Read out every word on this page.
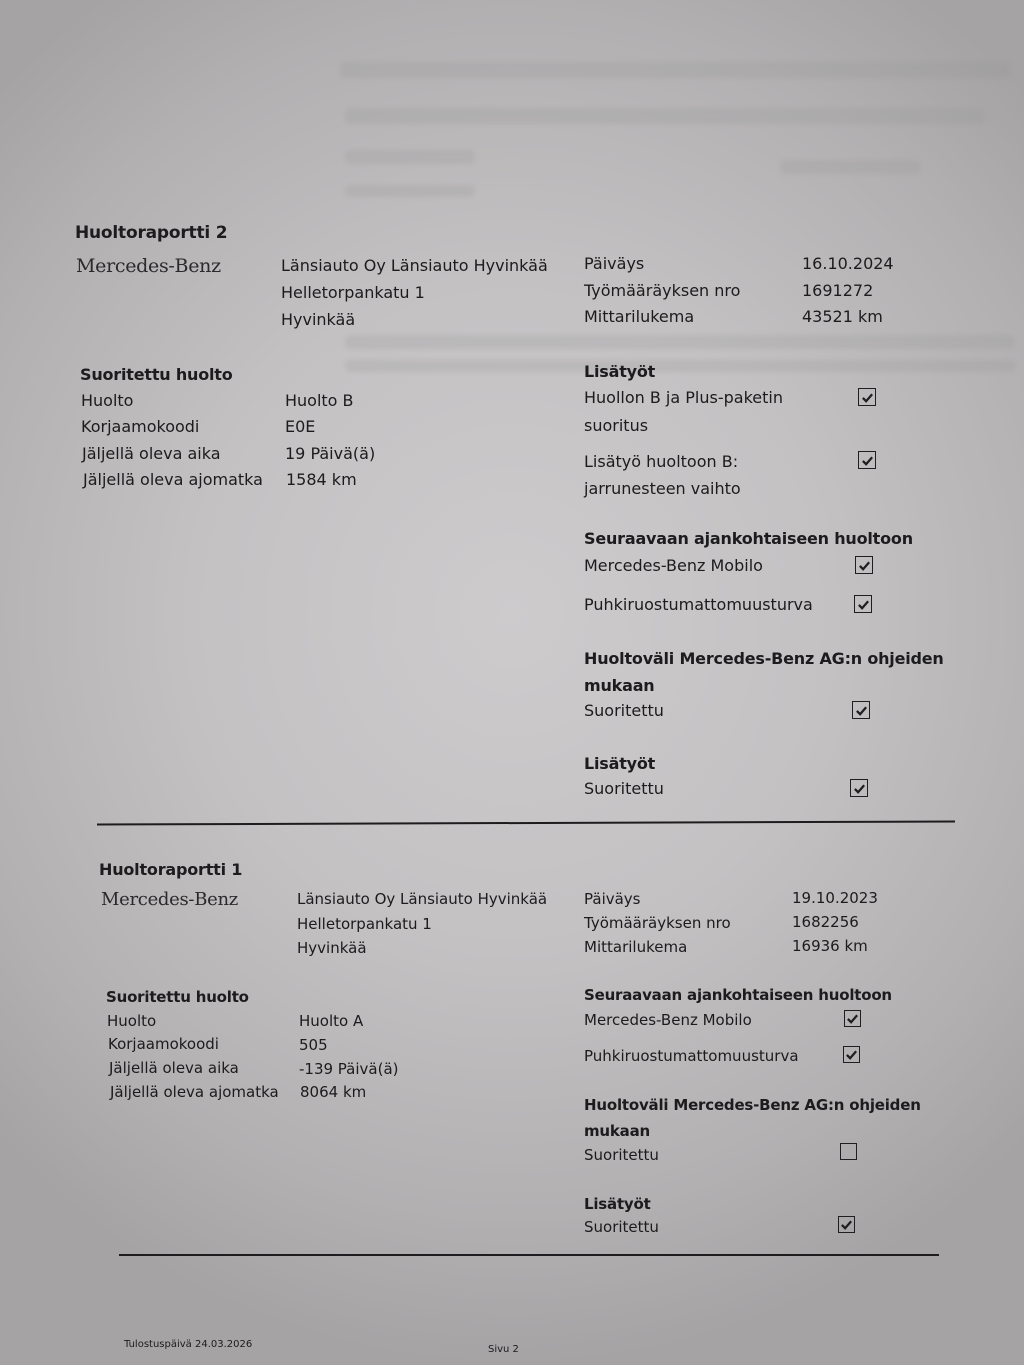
Huoltoraportti 2
Mercedes-Benz	Länsiauto Oy Länsiauto Hyvinkää
Helletorpankatu 1
Hyvinkää
Päiväys	16.10.2024
Työmääräyksen nro	1691272
Mittarilukema	43521 km
Suoritettu huolto
Huolto	Huolto B
Korjaamokoodi	E0E
Jäljellä oleva aika	19 Päivä(ä)
Jäljellä oleva ajomatka 1584 km
Lisätyöt
Huollon B ja Plus-paketin
suoritus
Lisätyö huoltoon B:
jarrunesteen vaihto
Seuraavaan ajankohtaiseen huoltoon
Mercedes-Benz Mobilo
Puhkiruostumattomuusturva
Huoltoväli Mercedes-Benz AG:n ohjeiden
mukaan
Suoritettu
Lisätyöt
Suoritettu
Huoltoraportti 1
Mercedes-Benz	Länsiauto Oy Länsiauto Hyvinkää
Helletorpankatu 1
Hyvinkää
Päiväys	19.10.2023
Työmääräyksen nro	1682256
Mittarilukema	16936 km
Suoritettu huolto
Huolto	Huolto A
Korjaamokoodi	505
Jäljellä oleva aika	-139 Päivä(ä)
Jäljellä oleva ajomatka 8064 km
Seuraavaan ajankohtaiseen huoltoon
Mercedes-Benz Mobilo
Puhkiruostumattomuusturva
Huoltoväli Mercedes-Benz AG:n ohjeiden
mukaan
Suoritettu
Lisätyöt
Suoritettu
Tulostuspäivä 24.03.2026	Sivu 2
